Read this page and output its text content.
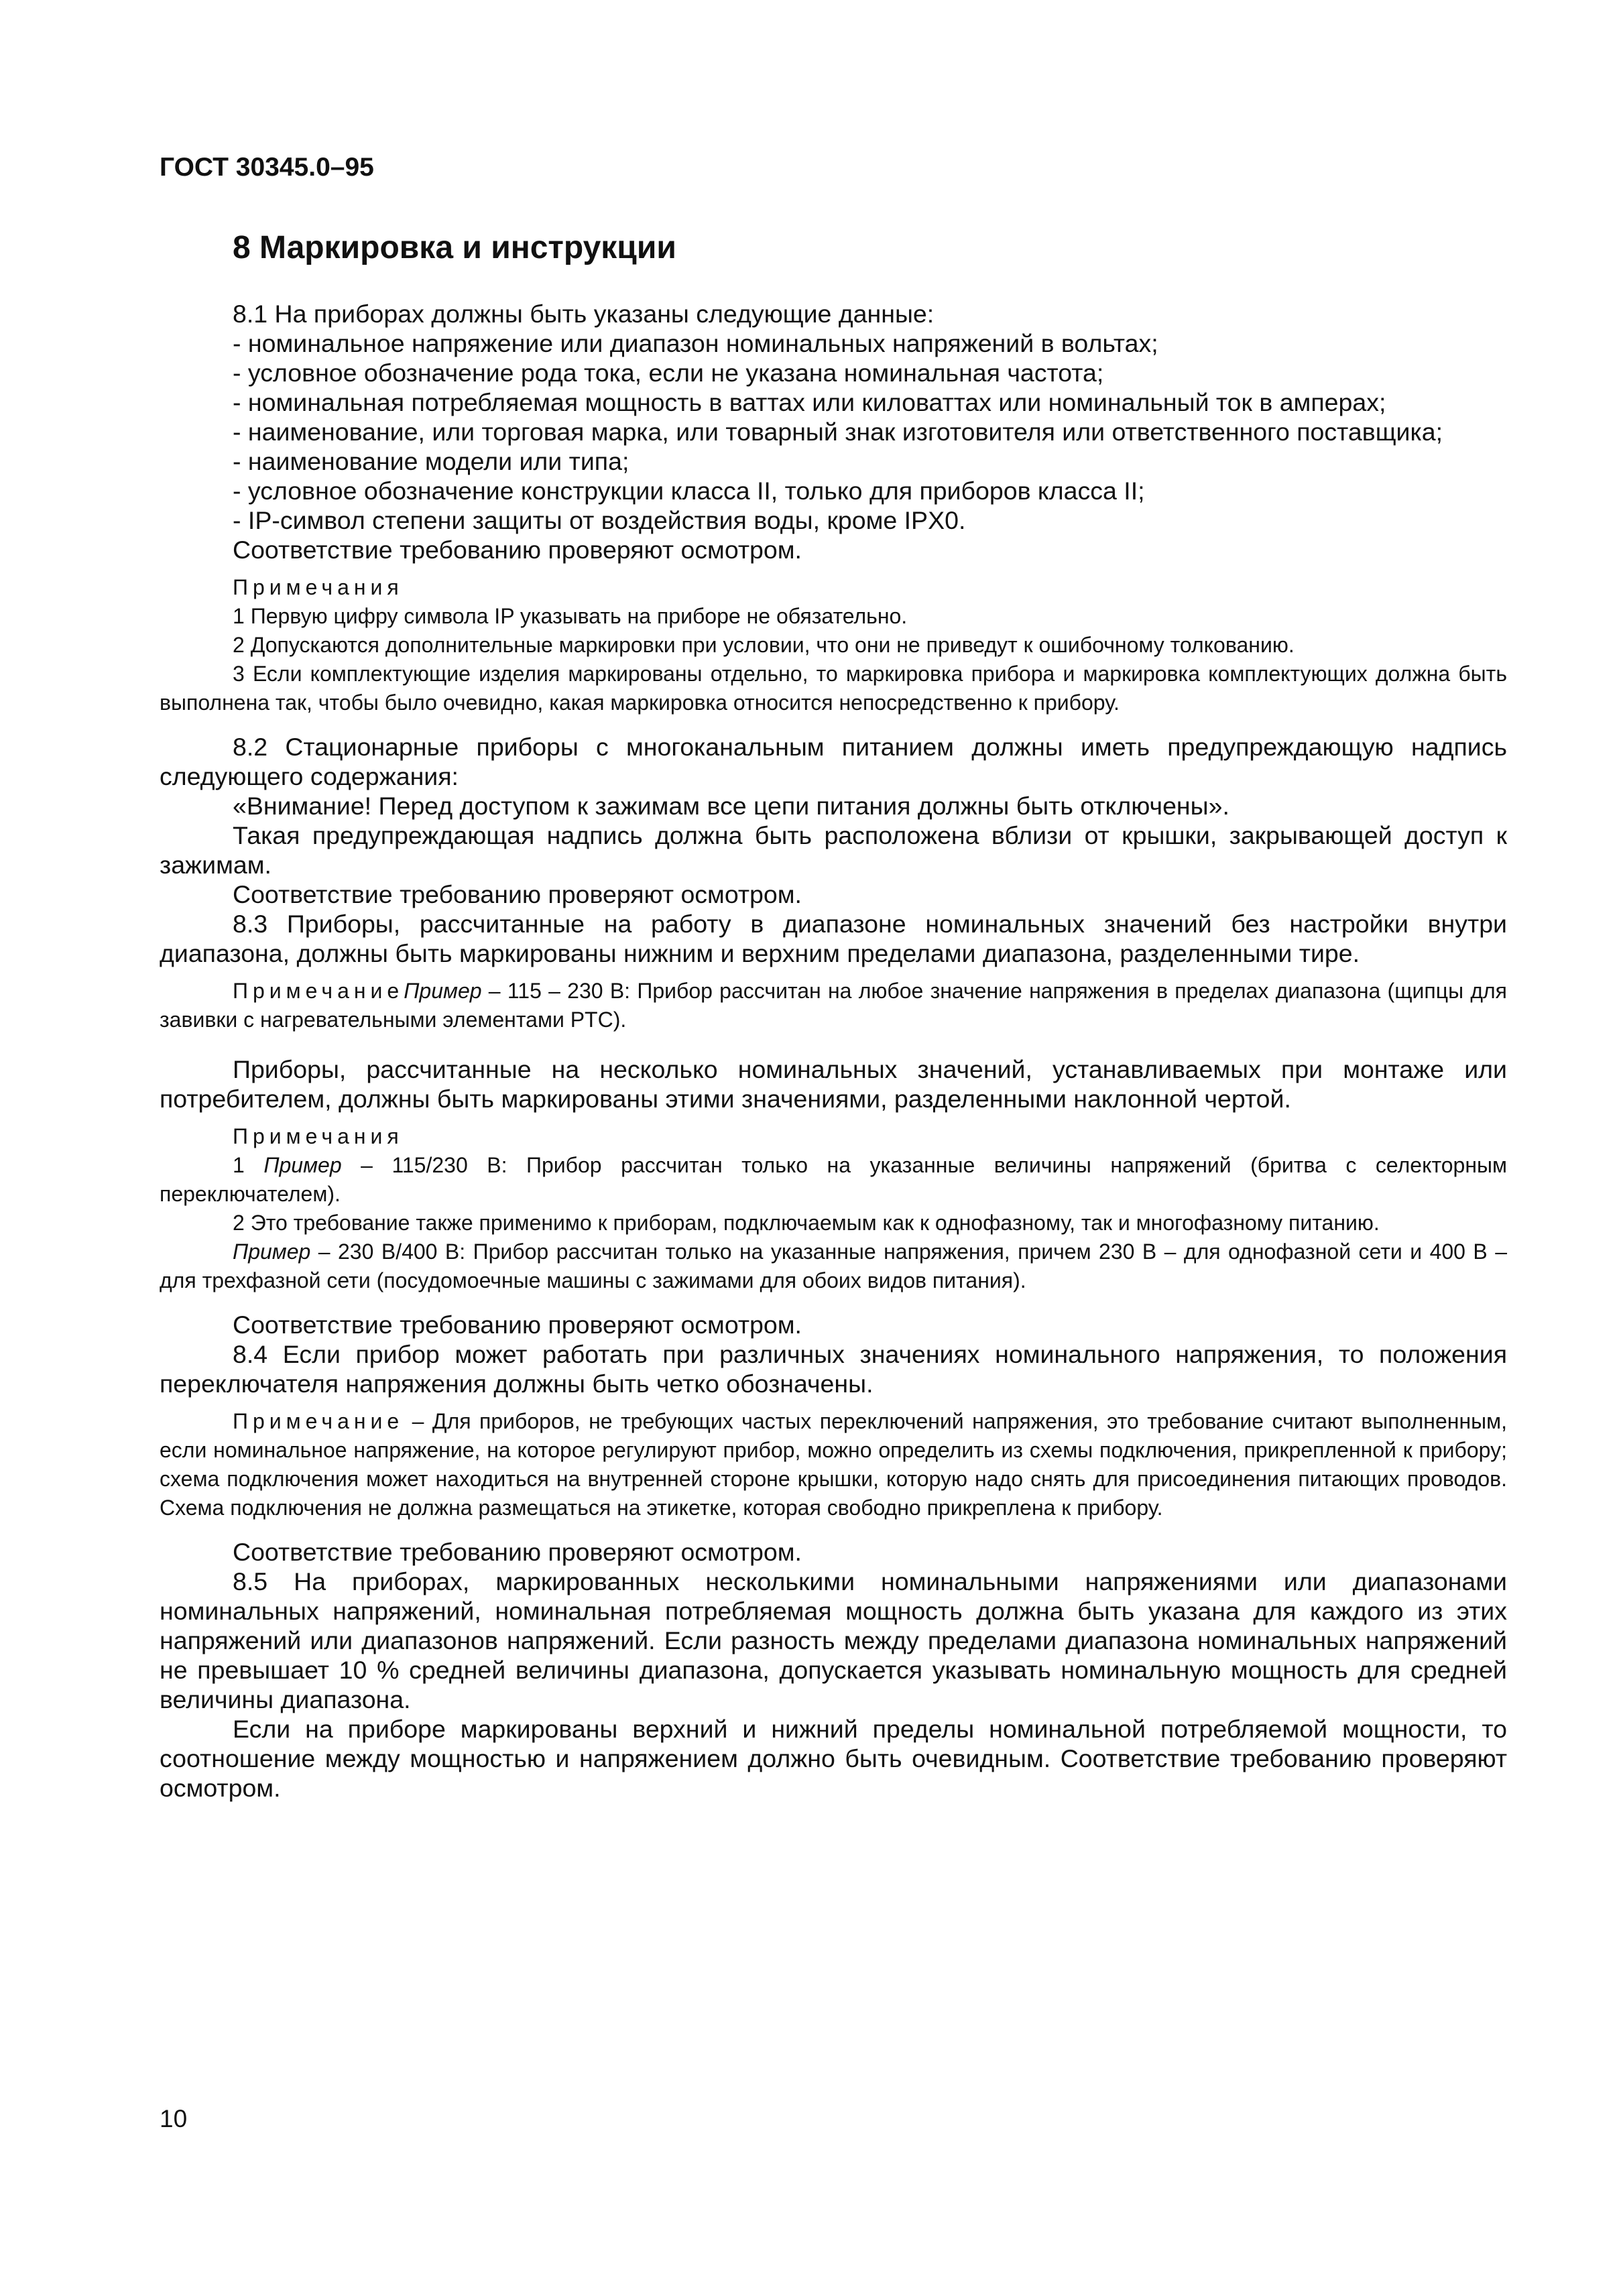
ГОСТ 30345.0–95
8 Маркировка и инструкции

8.1 На приборах должны быть указаны следующие данные:

- номинальное напряжение или диапазон номинальных напряжений в вольтах;

- условное обозначение рода тока, если не указана номинальная частота;

- номинальная потребляемая мощность в ваттах или киловаттах или номинальный ток в амперах;

- наименование, или торговая марка, или товарный знак изготовителя или ответственного поставщика;

- наименование модели или типа;

- условное обозначение конструкции класса II, только для приборов класса II;

- IP-символ степени защиты от воздействия воды, кроме IPX0.

Соответствие требованию проверяют осмотром.

Примечания

1 Первую цифру символа IP указывать на приборе не обязательно.

2 Допускаются дополнительные маркировки при условии, что они не приведут к ошибочному толкованию.

3 Если комплектующие изделия маркированы отдельно, то маркировка прибора и маркировка комплектующих должна быть выполнена так, чтобы было очевидно, какая маркировка относится непосредственно к прибору.

8.2 Стационарные приборы с многоканальным питанием должны иметь предупреждающую надпись следующего содержания:

«Внимание! Перед доступом к зажимам все цепи питания должны быть отключены».

Такая предупреждающая надпись должна быть расположена вблизи от крышки, закрывающей доступ к зажимам.

Соответствие требованию проверяют осмотром.

8.3 Приборы, рассчитанные на работу в диапазоне номинальных значений без настройки внутри диапазона, должны быть маркированы нижним и верхним пределами диапазона, разделенными тире.

ПримечаниеПример – 115 – 230 В: Прибор рассчитан на любое значение напряжения в пределах диапазона (щипцы для завивки с нагревательными элементами PTC).

Приборы, рассчитанные на несколько номинальных значений, устанавливаемых при монтаже или потребителем, должны быть маркированы этими значениями, разделенными наклонной чертой.

Примечания

1 Пример – 115/230 В: Прибор рассчитан только на указанные величины напряжений (бритва с селекторным переключателем).

2 Это требование также применимо к приборам, подключаемым как к однофазному, так и многофазному питанию.

Пример – 230 В/400 В: Прибор рассчитан только на указанные напряжения, причем 230 В – для однофазной сети и 400 В – для трехфазной сети (посудомоечные машины с зажимами для обоих видов питания).

Соответствие требованию проверяют осмотром.

8.4 Если прибор может работать при различных значениях номинального напряжения, то положения переключателя напряжения должны быть четко обозначены.

Примечание – Для приборов, не требующих частых переключений напряжения, это требование считают выполненным, если номинальное напряжение, на которое регулируют прибор, можно определить из схемы подключения, прикрепленной к прибору; схема подключения может находиться на внутренней стороне крышки, которую надо снять для присоединения питающих проводов. Схема подключения не должна размещаться на этикетке, которая свободно прикреплена к прибору.

Соответствие требованию проверяют осмотром.

8.5 На приборах, маркированных несколькими номинальными напряжениями или диапазонами номинальных напряжений, номинальная потребляемая мощность должна быть указана для каждого из этих напряжений или диапазонов напряжений. Если разность между пределами диапазона номинальных напряжений не превышает 10 % средней величины диапазона, допускается указывать номинальную мощность для средней величины диапазона.

Если на приборе маркированы верхний и нижний пределы номинальной потребляемой мощности, то соотношение между мощностью и напряжением должно быть очевидным. Соответствие требованию проверяют осмотром.

10
